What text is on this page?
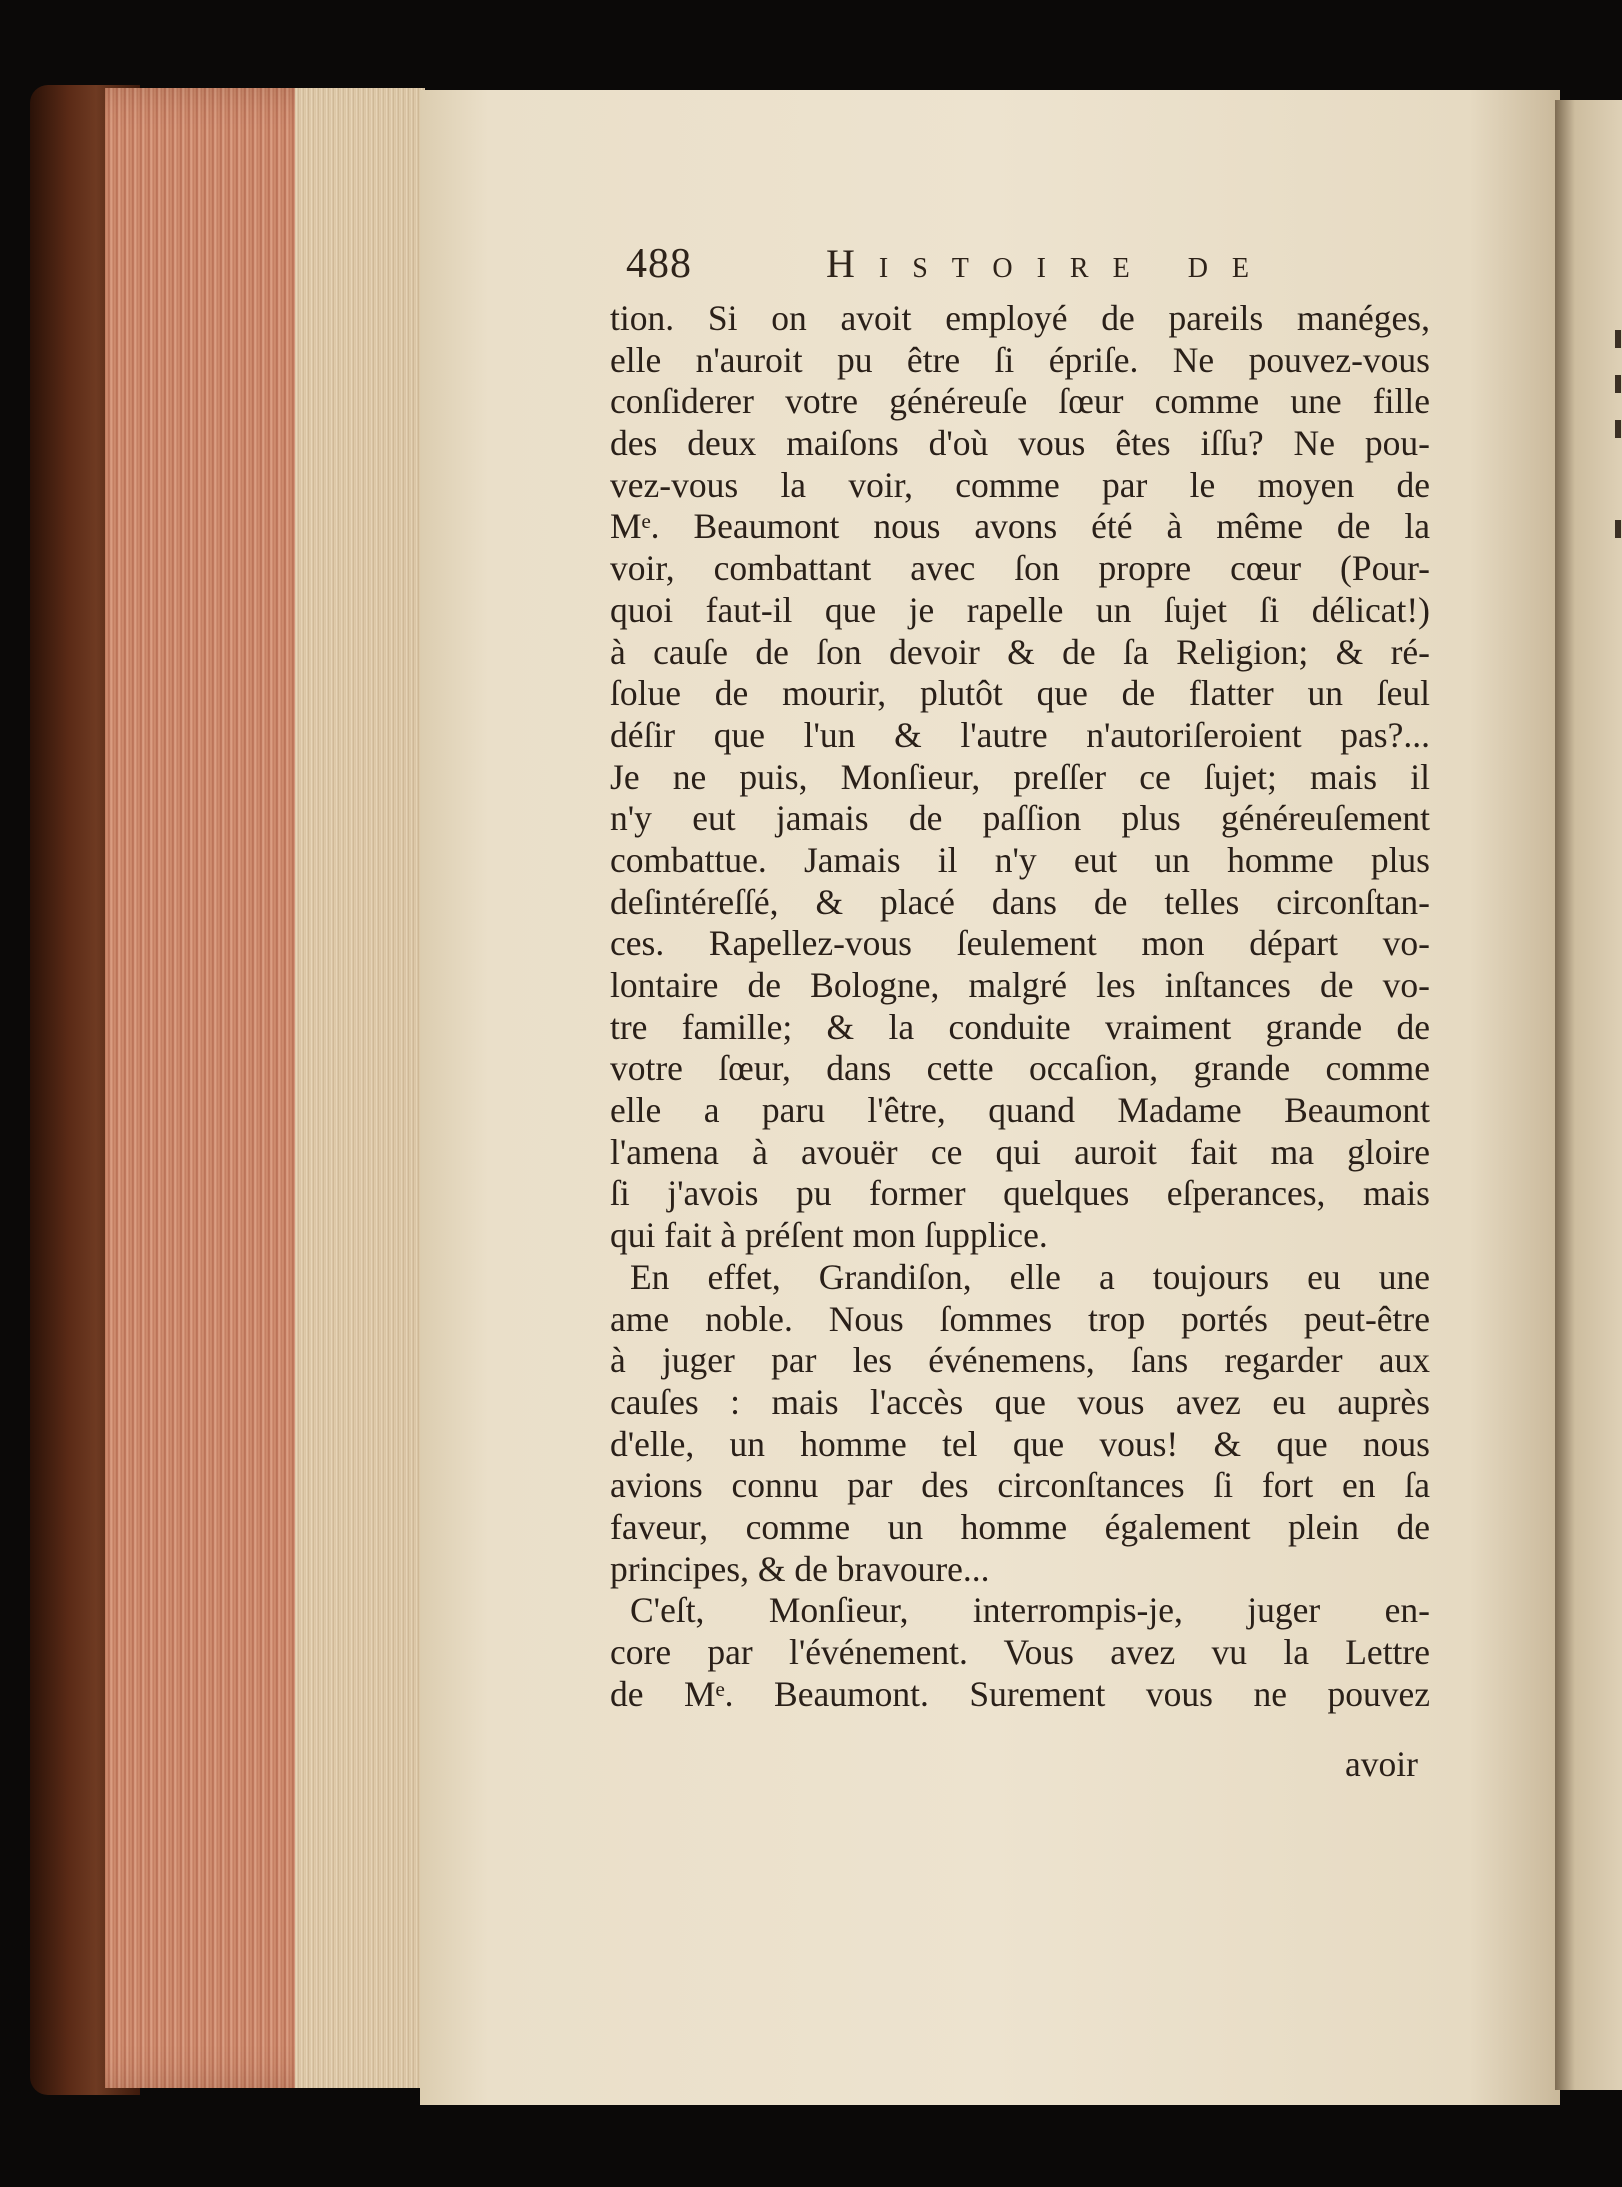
488	Histoire de
tion. Si on avoit employé de pareils manéges,
elle n'auroit pu être ſi épriſe. Ne pouvez-vous
conſiderer votre généreuſe ſœur comme une fille
des deux maiſons d'où vous êtes iſſu? Ne pou-
vez-vous la voir, comme par le moyen de
Mᵉ. Beaumont nous avons été à même de la
voir, combattant avec ſon propre cœur (Pour-
quoi faut-il que je rapelle un ſujet ſi délicat!)
à cauſe de ſon devoir & de ſa Religion; & ré-
ſolue de mourir, plutôt que de flatter un ſeul
déſir que l'un & l'autre n'autoriſeroient pas?...
Je ne puis, Monſieur, preſſer ce ſujet; mais il
n'y eut jamais de paſſion plus généreuſement
combattue. Jamais il n'y eut un homme plus
deſintéreſſé, & placé dans de telles circonſtan-
ces. Rapellez-vous ſeulement mon départ vo-
lontaire de Bologne, malgré les inſtances de vo-
tre famille; & la conduite vraiment grande de
votre ſœur, dans cette occaſion, grande comme
elle a paru l'être, quand Madame Beaumont
l'amena à avouër ce qui auroit fait ma gloire
ſi j'avois pu former quelques eſperances, mais
qui fait à préſent mon ſupplice.
En effet, Grandiſon, elle a toujours eu une
ame noble. Nous ſommes trop portés peut-être
à juger par les événemens, ſans regarder aux
cauſes : mais l'accès que vous avez eu auprès
d'elle, un homme tel que vous! & que nous
avions connu par des circonſtances ſi fort en ſa
faveur, comme un homme également plein de
principes, & de bravoure...
C'eſt, Monſieur, interrompis-je, juger en-
core par l'événement. Vous avez vu la Lettre
de Mᵉ. Beaumont. Surement vous ne pouvez
avoir
